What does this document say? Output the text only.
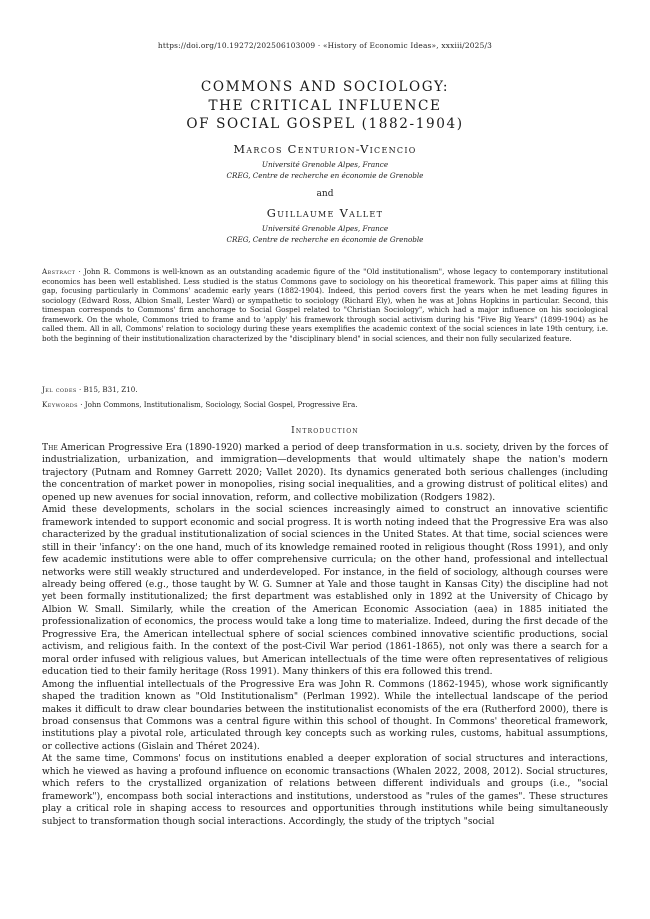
https://doi.org/10.19272/202506103009 · «History of Economic Ideas», xxxiii/2025/3
COMMONS AND SOCIOLOGY:
THE CRITICAL INFLUENCE
OF SOCIAL GOSPEL (1882-1904)
Marcos Centurion-Vicencio
Université Grenoble Alpes, France
CREG, Centre de recherche en économie de Grenoble
and
Guillaume Vallet
Université Grenoble Alpes, France
CREG, Centre de recherche en économie de Grenoble
Abstract · John R. Commons is well-known as an outstanding academic figure of the "Old institutionalism", whose legacy to contemporary institutional economics has been well established. Less studied is the status Commons gave to sociology on his theoretical framework. This paper aims at filling this gap, focusing particularly in Commons' academic early years (1882-1904). Indeed, this period covers first the years when he met leading figures in sociology (Edward Ross, Albion Small, Lester Ward) or sympathetic to sociology (Richard Ely), when he was at Johns Hopkins in particular. Second, this timespan corresponds to Commons' firm anchorage to Social Gospel related to "Christian Sociology", which had a major influence on his sociological framework. On the whole, Commons tried to frame and to 'apply' his framework through social activism during his "Five Big Years" (1899-1904) as he called them. All in all, Commons' relation to sociology during these years exemplifies the academic context of the social sciences in late 19th century, i.e. both the beginning of their institutionalization characterized by the "disciplinary blend" in social sciences, and their non fully secularized feature.
Jel codes · B15, B31, Z10.
Keywords · John Commons, Institutionalism, Sociology, Social Gospel, Progressive Era.
Introduction

The American Progressive Era (1890-1920) marked a period of deep transformation in u.s. society, driven by the forces of industrialization, urbanization, and immigration—developments that would ultimately shape the nation's modern trajectory (Putnam and Romney Garrett 2020; Vallet 2020). Its dynamics generated both serious challenges (including the concentration of market power in monopolies, rising social inequalities, and a growing distrust of political elites) and opened up new avenues for social innovation, reform, and collective mobilization (Rodgers 1982).

Amid these developments, scholars in the social sciences increasingly aimed to construct an innovative scientific framework intended to support economic and social progress. It is worth noting indeed that the Progressive Era was also characterized by the gradual institutionalization of social sciences in the United States. At that time, social sciences were still in their 'infancy': on the one hand, much of its knowledge remained rooted in religious thought (Ross 1991), and only few academic institutions were able to offer comprehensive curricula; on the other hand, professional and intellectual networks were still weakly structured and underdeveloped. For instance, in the field of sociology, although courses were already being offered (e.g., those taught by W. G. Sumner at Yale and those taught in Kansas City) the discipline had not yet been formally institutionalized; the first department was established only in 1892 at the University of Chicago by Albion W. Small. Similarly, while the creation of the American Economic Association (aea) in 1885 initiated the professionalization of economics, the process would take a long time to materialize. Indeed, during the first decade of the Progressive Era, the American intellectual sphere of social sciences combined innovative scientific productions, social activism, and religious faith. In the context of the post-Civil War period (1861-1865), not only was there a search for a moral order infused with religious values, but American intellectuals of the time were often representatives of religious education tied to their family heritage (Ross 1991). Many thinkers of this era followed this trend.

Among the influential intellectuals of the Progressive Era was John R. Commons (1862-1945), whose work significantly shaped the tradition known as "Old Institutionalism" (Perlman 1992). While the intellectual landscape of the period makes it difficult to draw clear boundaries between the institutionalist economists of the era (Rutherford 2000), there is broad consensus that Commons was a central figure within this school of thought. In Commons' theoretical framework, institutions play a pivotal role, articulated through key concepts such as working rules, customs, habitual assumptions, or collective actions (Gislain and Théret 2024).

At the same time, Commons' focus on institutions enabled a deeper exploration of social structures and interactions, which he viewed as having a profound influence on economic transactions (Whalen 2022, 2008, 2012). Social structures, which refers to the crystallized organization of relations between different individuals and groups (i.e., "social framework"), encompass both social interactions and institutions, understood as "rules of the games". These structures play a critical role in shaping access to resources and opportunities through institutions while being simultaneously subject to transformation though social interactions. Accordingly, the study of the triptych "social
